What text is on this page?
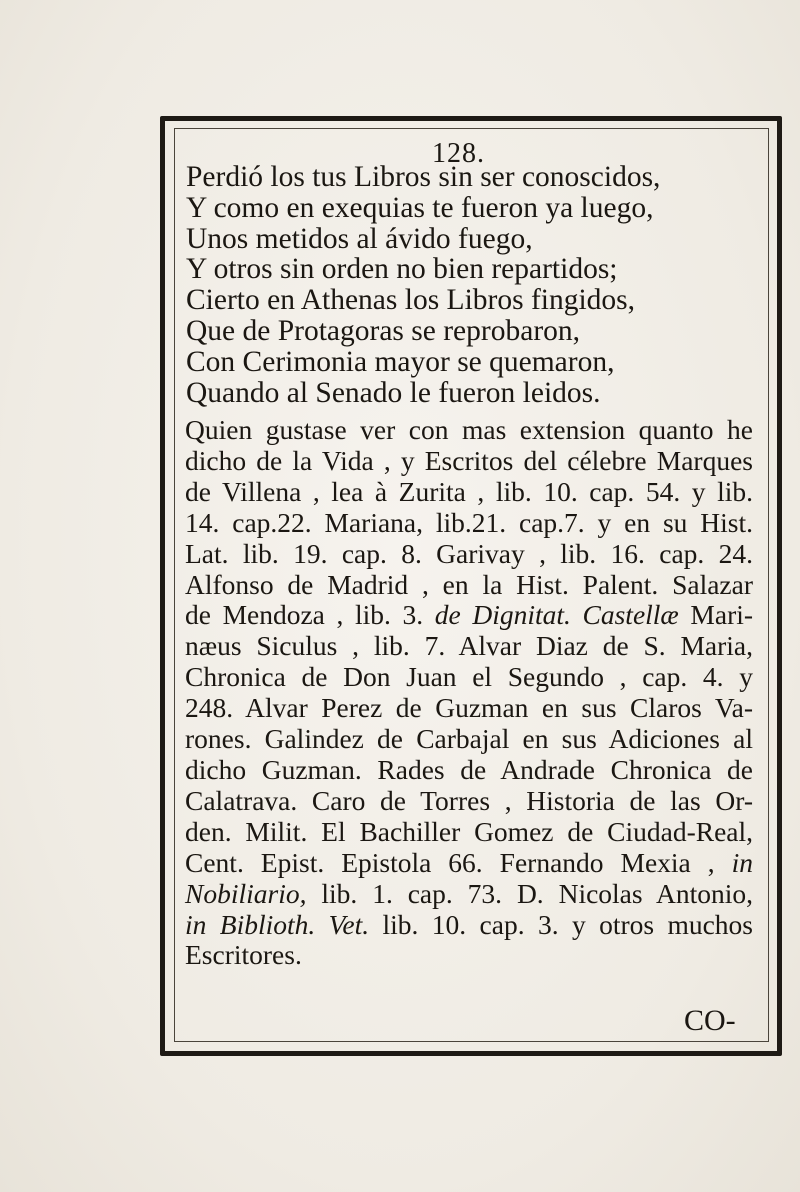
128.
Perdió los tus Libros sin ser conoscidos,
Y como en exequias te fueron ya luego,
Unos metidos al ávido fuego,
Y otros sin orden no bien repartidos;
Cierto en Athenas los Libros fingidos,
Que de Protagoras se reprobaron,
Con Cerimonia mayor se quemaron,
Quando al Senado le fueron leidos.
Quien gustase ver con mas extension quanto he
dicho de la Vida , y Escritos del célebre Marques
de Villena , lea à Zurita , lib. 10. cap. 54. y lib.
14. cap.22. Mariana, lib.21. cap.7. y en su Hist.
Lat. lib. 19. cap. 8. Garivay , lib. 16. cap. 24.
Alfonso de Madrid , en la Hist. Palent. Salazar
de Mendoza , lib. 3. de Dignitat. Castellæ Mari-
næus Siculus , lib. 7. Alvar Diaz de S. Maria,
Chronica de Don Juan el Segundo , cap. 4. y
248. Alvar Perez de Guzman en sus Claros Va-
rones. Galindez de Carbajal en sus Adiciones al
dicho Guzman. Rades de Andrade Chronica de
Calatrava. Caro de Torres , Historia de las Or-
den. Milit. El Bachiller Gomez de Ciudad-Real,
Cent. Epist. Epistola 66. Fernando Mexia , in
Nobiliario, lib. 1. cap. 73. D. Nicolas Antonio,
in Biblioth. Vet. lib. 10. cap. 3. y otros muchos
Escritores.
CO-
